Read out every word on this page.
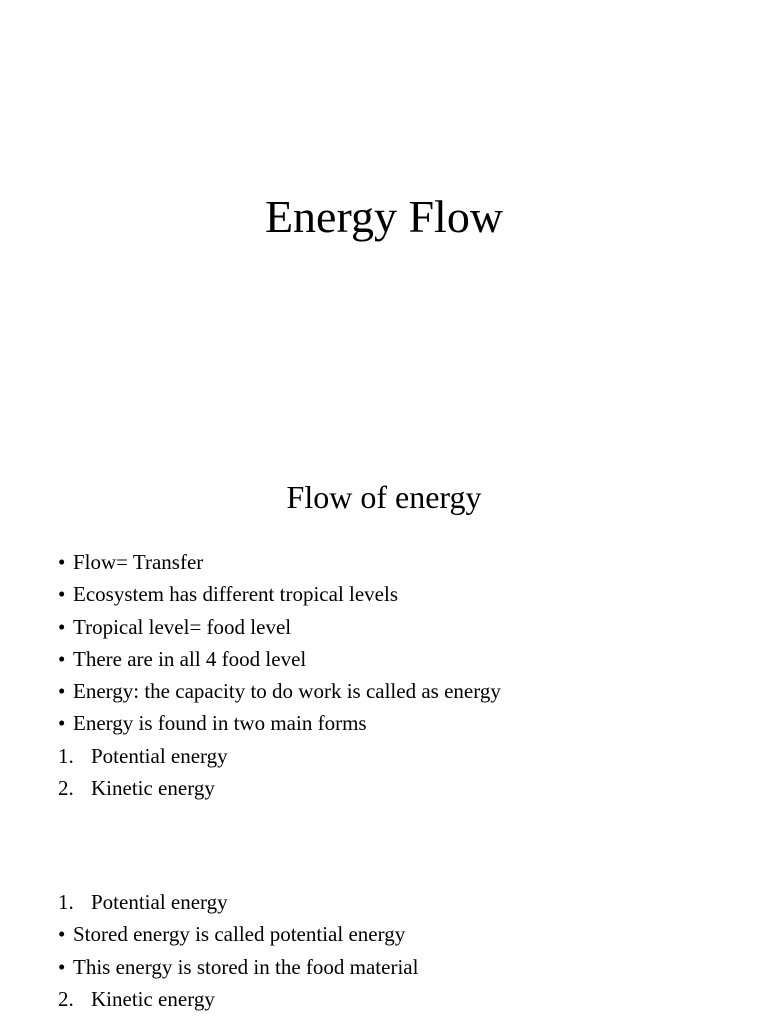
Energy Flow
Flow of energy
• Flow= Transfer
• Ecosystem has different tropical levels
• Tropical level= food level
• There are in all 4 food level
• Energy: the capacity to do work is called as energy
• Energy is found in two main forms
1. Potential energy
2. Kinetic energy
1. Potential energy
• Stored energy is called potential energy
• This energy is stored in the food material
2. Kinetic energy
